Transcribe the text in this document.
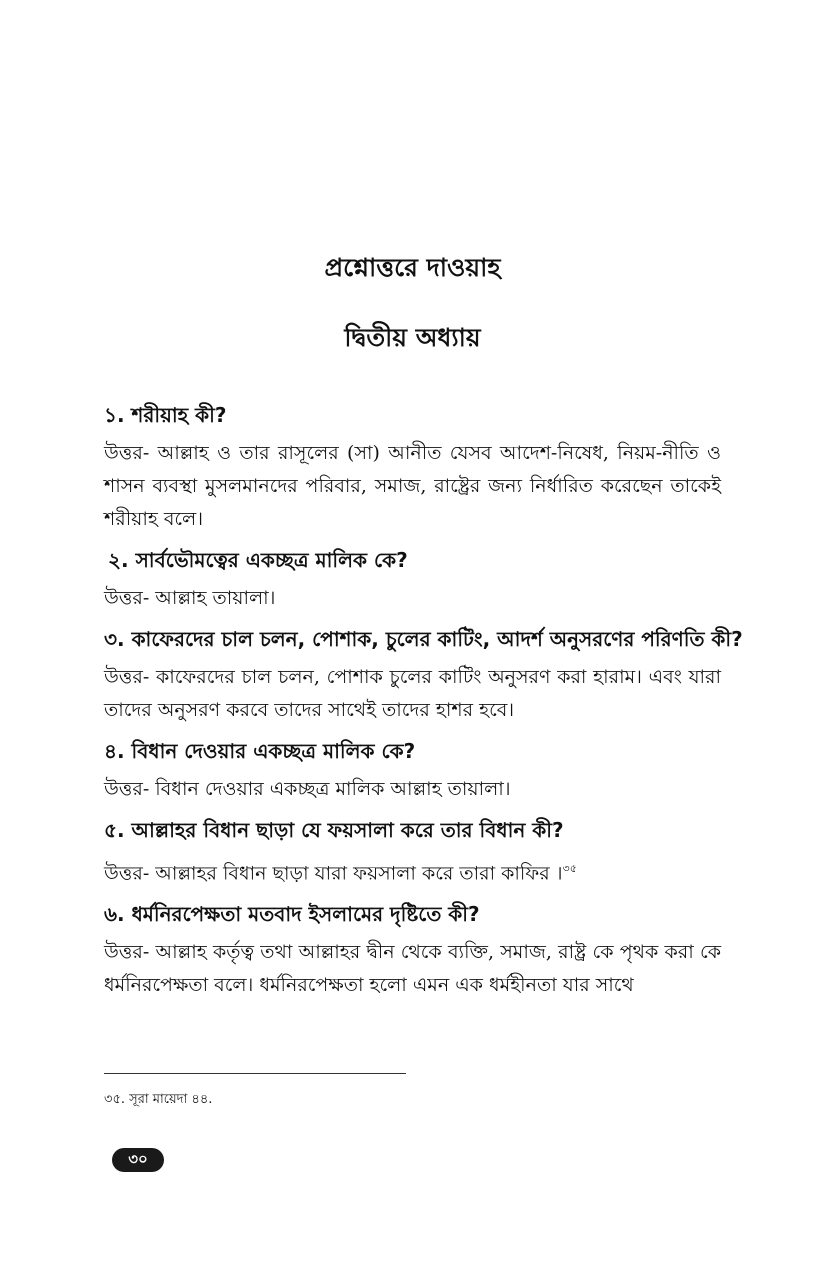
প্রশ্নোত্তরে দাওয়াহ
দ্বিতীয় অধ্যায়

১. শরীয়াহ কী?

উত্তর- আল্লাহ ও তার রাসূলের (সা) আনীত যেসব আদেশ-নিষেধ, নিয়ম-নীতি ও শাসন ব্যবস্থা মুসলমানদের পরিবার, সমাজ, রাষ্ট্রের জন্য নির্ধারিত করেছেন তাকেই শরীয়াহ বলে।

২. সার্বভৌমত্বের একচ্ছত্র মালিক কে?

উত্তর- আল্লাহ তায়ালা।

৩. কাফেরদের চাল চলন, পোশাক, চুলের কাটিং, আদর্শ অনুসরণের পরিণতি কী?

উত্তর- কাফেরদের চাল চলন, পোশাক চুলের কাটিং অনুসরণ করা হারাম। এবং যারা তাদের অনুসরণ করবে তাদের সাথেই তাদের হাশর হবে।

৪. বিধান দেওয়ার একচ্ছত্র মালিক কে?

উত্তর- বিধান দেওয়ার একচ্ছত্র মালিক আল্লাহ তায়ালা।

৫. আল্লাহর বিধান ছাড়া যে ফয়সালা করে তার বিধান কী?

উত্তর- আল্লাহর বিধান ছাড়া যারা ফয়সালা করে তারা কাফির ।$^{৩৫}$

৬. ধর্মনিরপেক্ষতা মতবাদ ইসলামের দৃষ্টিতে কী?

উত্তর- আল্লাহ কর্তৃত্ব তথা আল্লাহর দ্বীন থেকে ব্যক্তি, সমাজ, রাষ্ট্র কে পৃথক করা কে ধর্মনিরপেক্ষতা বলে। ধর্মনিরপেক্ষতা হলো এমন এক ধর্মহীনতা যার সাথে

৩৫. সূরা মায়েদা ৪৪.

৩০
